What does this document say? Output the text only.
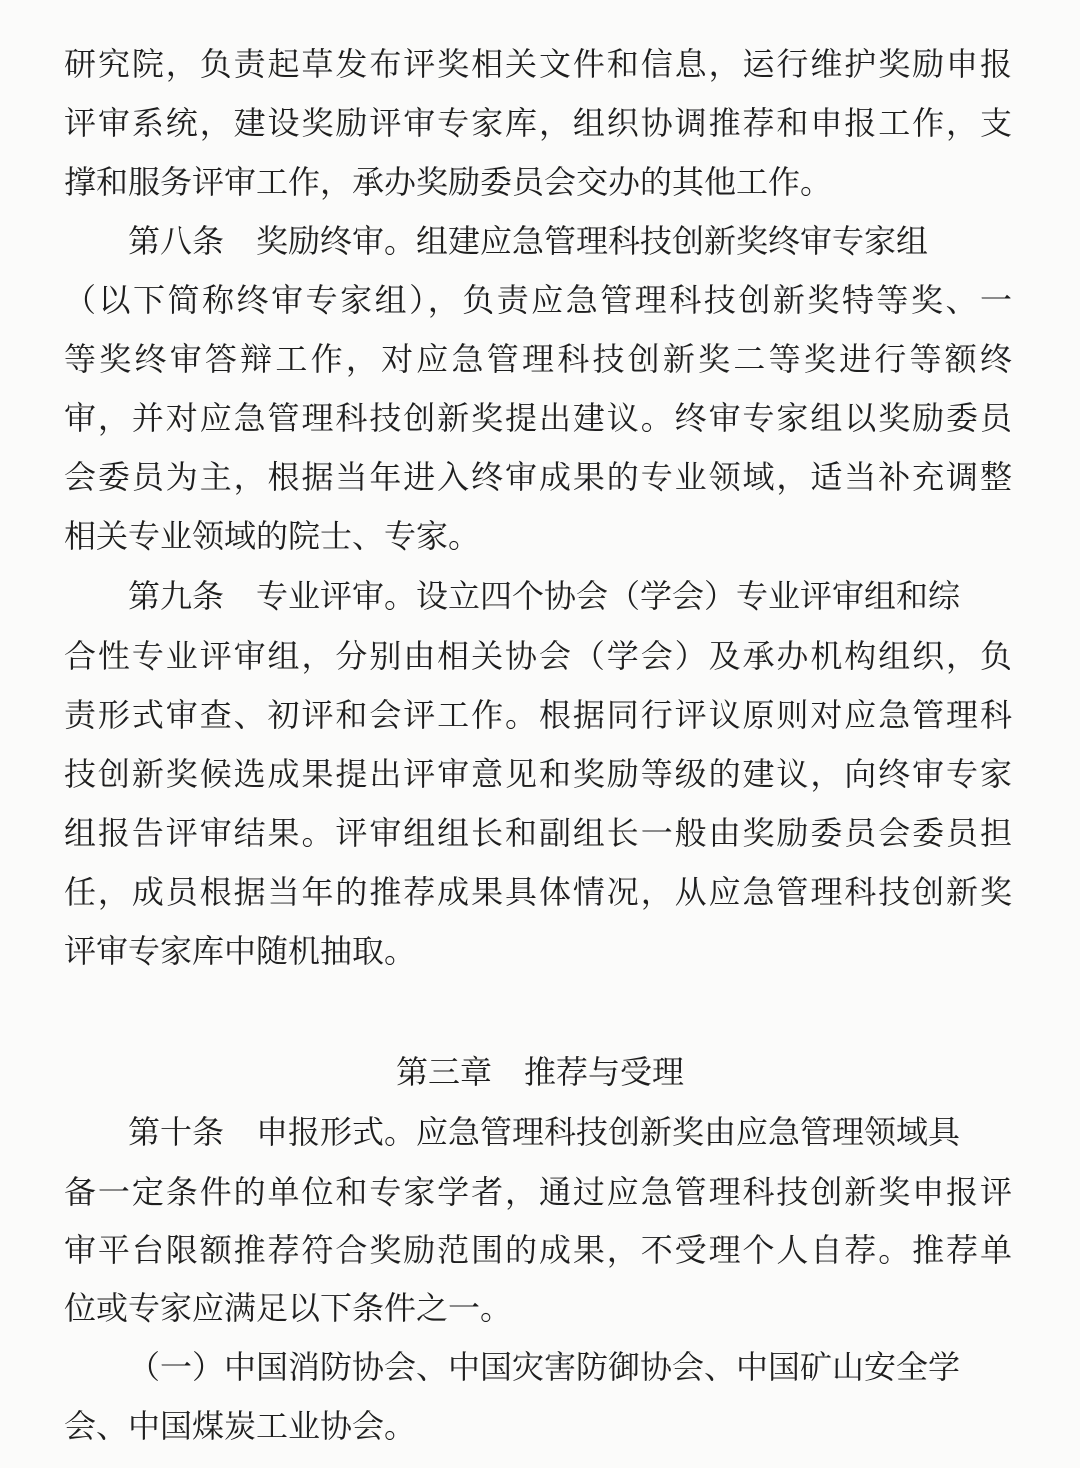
研究院，负责起草发布评奖相关文件和信息，运行维护奖励申报
评审系统，建设奖励评审专家库，组织协调推荐和申报工作，支
撑和服务评审工作，承办奖励委员会交办的其他工作。
第八条　奖励终审。组建应急管理科技创新奖终审专家组
（以下简称终审专家组），负责应急管理科技创新奖特等奖、一
等奖终审答辩工作，对应急管理科技创新奖二等奖进行等额终
审，并对应急管理科技创新奖提出建议。终审专家组以奖励委员
会委员为主，根据当年进入终审成果的专业领域，适当补充调整
相关专业领域的院士、专家。
第九条　专业评审。设立四个协会（学会）专业评审组和综
合性专业评审组，分别由相关协会（学会）及承办机构组织，负
责形式审查、初评和会评工作。根据同行评议原则对应急管理科
技创新奖候选成果提出评审意见和奖励等级的建议，向终审专家
组报告评审结果。评审组组长和副组长一般由奖励委员会委员担
任，成员根据当年的推荐成果具体情况，从应急管理科技创新奖
评审专家库中随机抽取。
第三章　推荐与受理
第十条　申报形式。应急管理科技创新奖由应急管理领域具
备一定条件的单位和专家学者，通过应急管理科技创新奖申报评
审平台限额推荐符合奖励范围的成果，不受理个人自荐。推荐单
位或专家应满足以下条件之一。
（一）中国消防协会、中国灾害防御协会、中国矿山安全学
会、中国煤炭工业协会。
